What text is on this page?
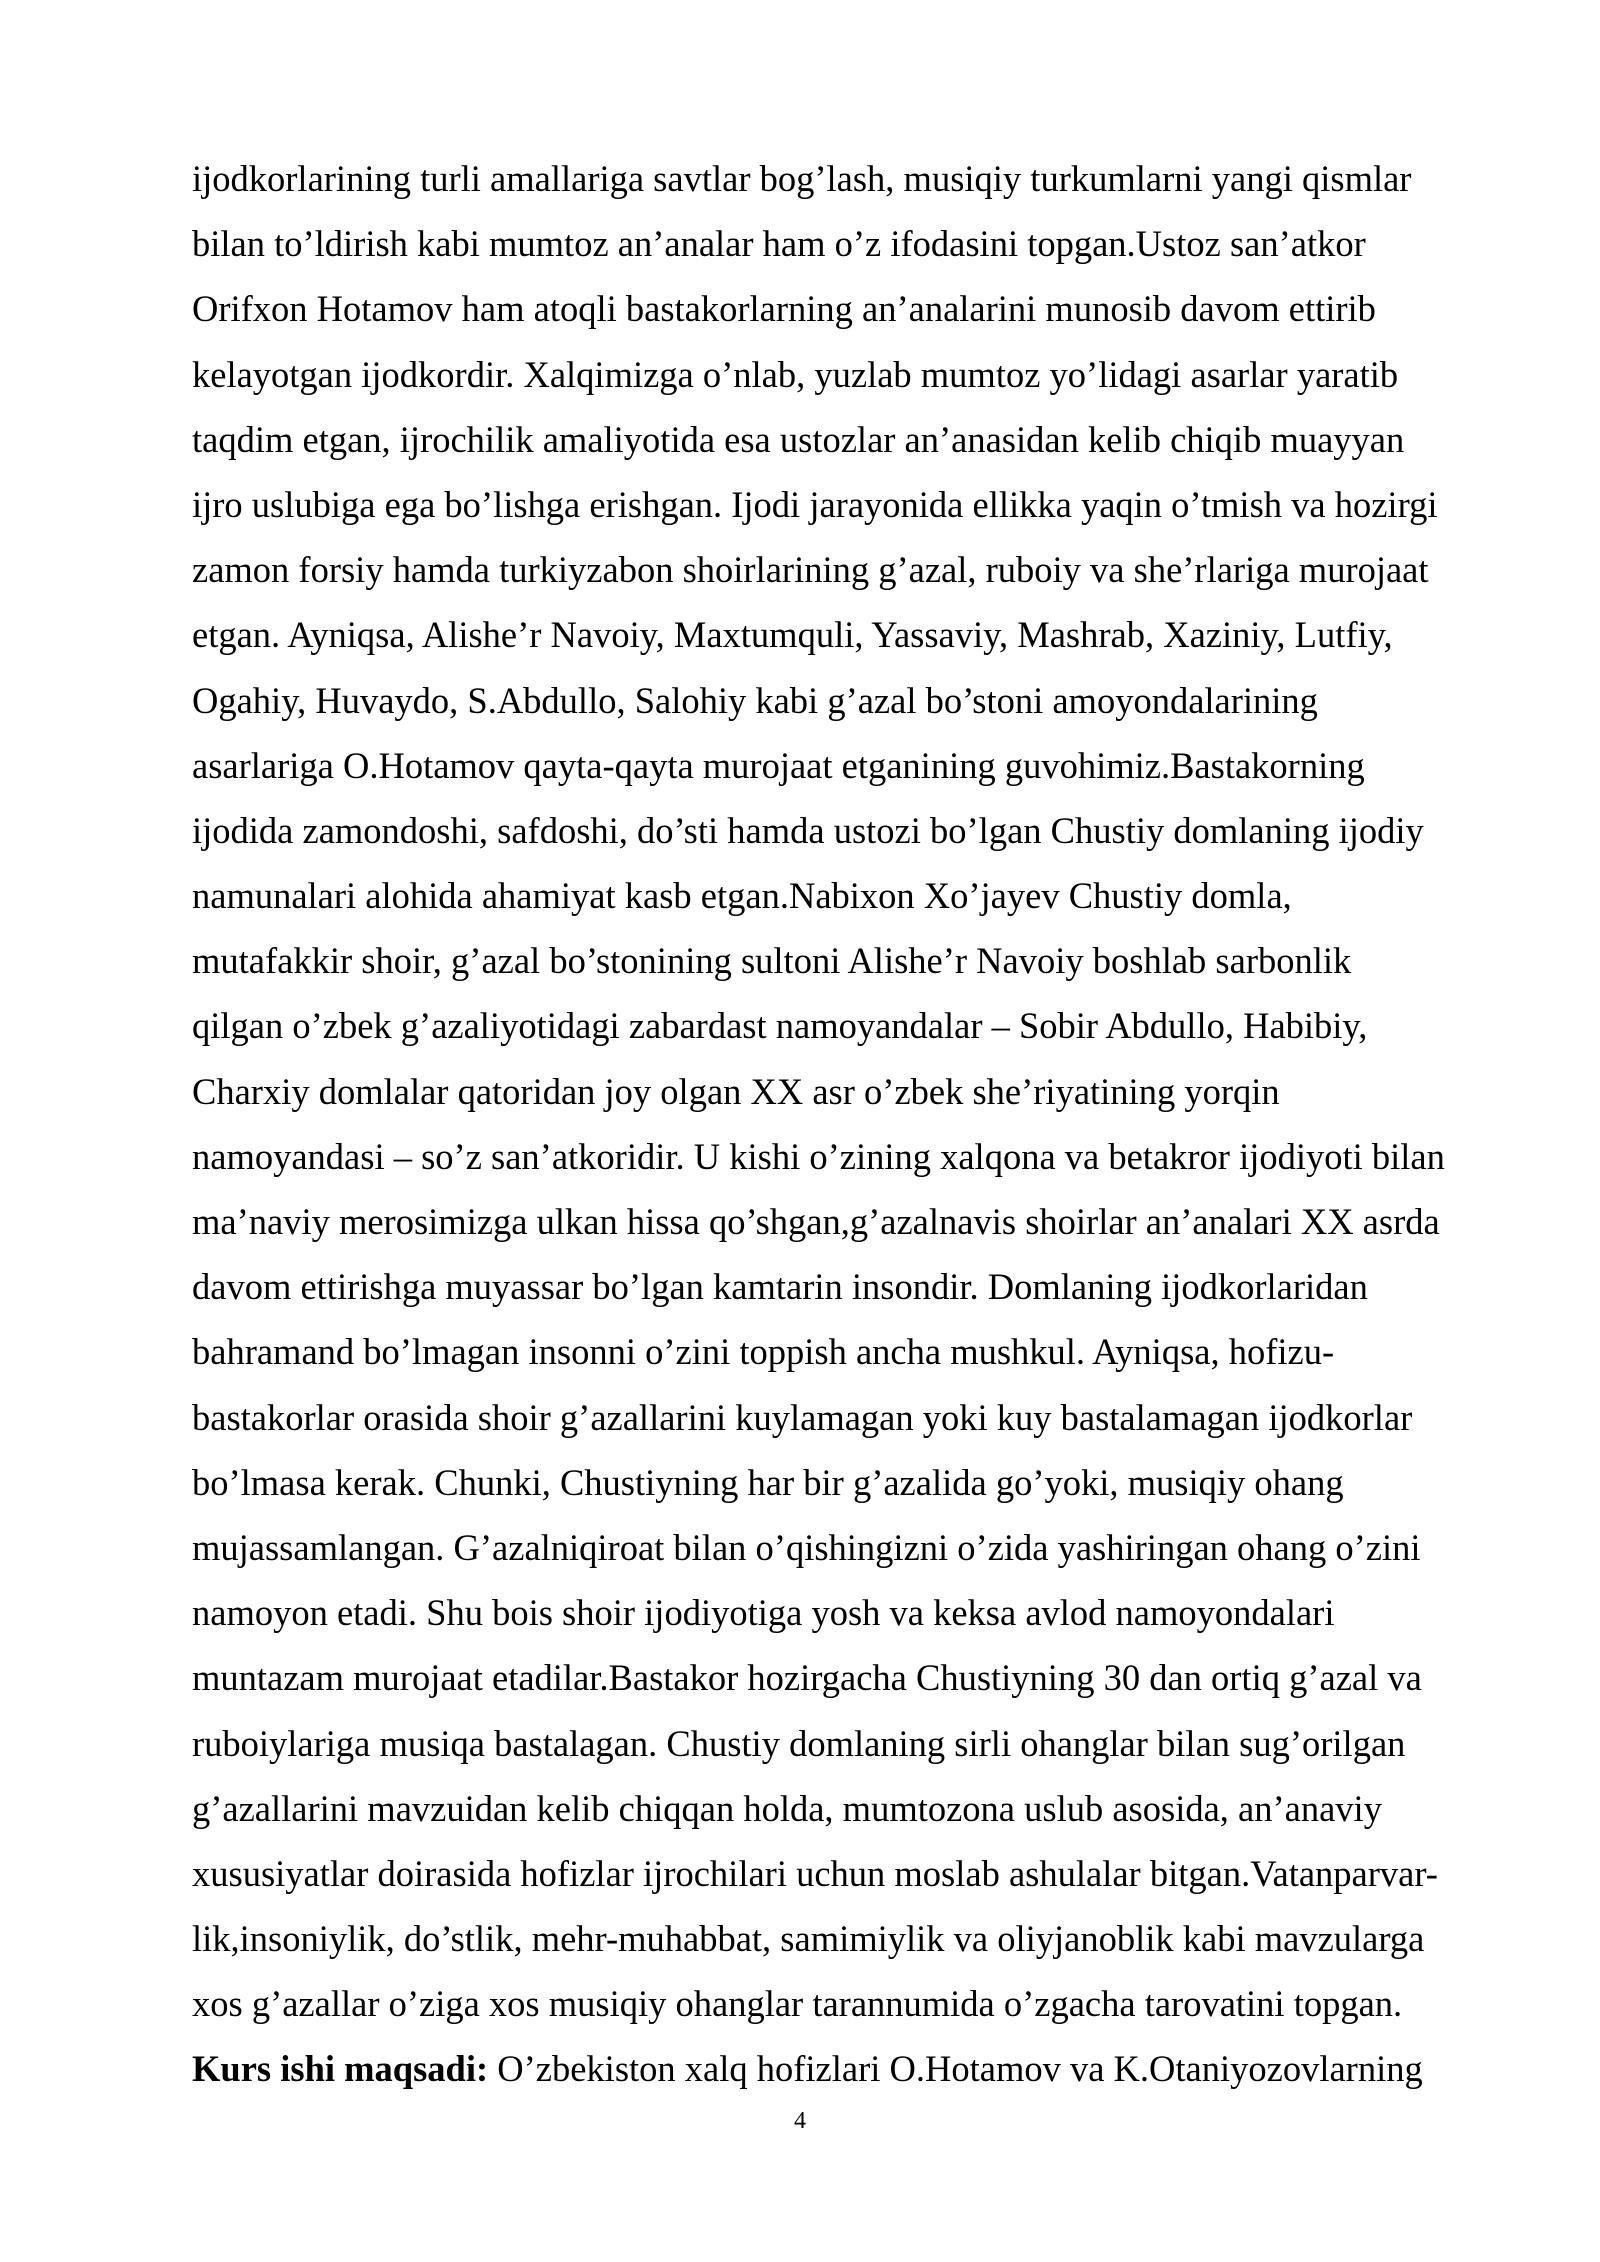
ijodkorlarining turli amallariga savtlar bog’lash, musiqiy turkumlarni yangi qismlar
bilan to’ldirish kabi mumtoz an’analar ham o’z ifodasini topgan.Ustoz san’atkor
Orifxon Hotamov ham atoqli bastakorlarning an’analarini munosib davom ettirib
kelayotgan ijodkordir. Xalqimizga o’nlab, yuzlab mumtoz yo’lidagi asarlar yaratib
taqdim etgan, ijrochilik amaliyotida esa ustozlar an’anasidan kelib chiqib muayyan
ijro uslubiga ega bo’lishga erishgan. Ijodi jarayonida ellikka yaqin o’tmish va hozirgi
zamon forsiy hamda turkiyzabon shoirlarining g’azal, ruboiy va she’rlariga murojaat
etgan. Ayniqsa, Alishe’r Navoiy, Maxtumquli, Yassaviy, Mashrab, Xaziniy, Lutfiy,
Ogahiy, Huvaydo, S.Abdullo, Salohiy kabi g’azal bo’stoni amoyondalarining
asarlariga O.Hotamov qayta-qayta murojaat etganining guvohimiz.Bastakorning
ijodida zamondoshi, safdoshi, do’sti hamda ustozi bo’lgan Chustiy domlaning ijodiy
namunalari alohida ahamiyat kasb etgan.Nabixon Xo’jayev Chustiy domla,
mutafakkir shoir, g’azal bo’stonining sultoni Alishe’r Navoiy boshlab sarbonlik
qilgan o’zbek g’azaliyotidagi zabardast namoyandalar – Sobir Abdullo, Habibiy,
Charxiy domlalar qatoridan joy olgan XX asr o’zbek she’riyatining yorqin
namoyandasi – so’z san’atkoridir. U kishi o’zining xalqona va betakror ijodiyoti bilan
ma’naviy merosimizga ulkan hissa qo’shgan,g’azalnavis shoirlar an’analari XX asrda
davom ettirishga muyassar bo’lgan kamtarin insondir. Domlaning ijodkorlaridan
bahramand bo’lmagan insonni o’zini toppish ancha mushkul. Ayniqsa, hofizu-
bastakorlar orasida shoir g’azallarini kuylamagan yoki kuy bastalamagan ijodkorlar
bo’lmasa kerak. Chunki, Chustiyning har bir g’azalida go’yoki, musiqiy ohang
mujassamlangan. G’azalniqiroat bilan o’qishingizni o’zida yashiringan ohang o’zini
namoyon etadi. Shu bois shoir ijodiyotiga yosh va keksa avlod namoyondalari
muntazam murojaat etadilar.Bastakor hozirgacha Chustiyning 30 dan ortiq g’azal va
ruboiylariga musiqa bastalagan. Chustiy domlaning sirli ohanglar bilan sug’orilgan
g’azallarini mavzuidan kelib chiqqan holda, mumtozona uslub asosida, an’anaviy
xususiyatlar doirasida hofizlar ijrochilari uchun moslab ashulalar bitgan.Vatanparvar-
lik,insoniylik, do’stlik, mehr-muhabbat, samimiylik va oliyjanoblik kabi mavzularga
xos g’azallar o’ziga xos musiqiy ohanglar tarannumida o’zgacha tarovatini topgan.
Kurs ishi maqsadi: O’zbekiston xalq hofizlari O.Hotamov va K.Otaniyozovlarning
4
